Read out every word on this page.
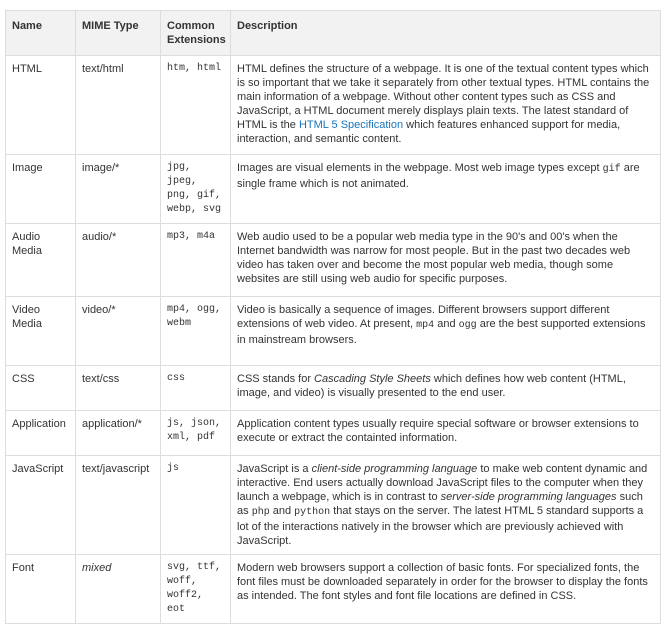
Name	MIME Type	Common Extensions	Description
HTML	text/html	htm, html	HTML defines the structure of a webpage. It is one of the textual content types which is so important that we take it separately from other textual types. HTML contains the main information of a webpage. Without other content types such as CSS and JavaScript, a HTML document merely displays plain texts. The latest standard of HTML is the HTML 5 Specification which features enhanced support for media, interaction, and semantic content.
Image	image/*	jpg, jpeg, png, gif, webp, svg	Images are visual elements in the webpage. Most web image types except gif are single frame which is not animated.
Audio Media	audio/*	mp3, m4a	Web audio used to be a popular web media type in the 90's and 00's when the Internet bandwidth was narrow for most people. But in the past two decades web video has taken over and become the most popular web media, though some websites are still using web audio for specific purposes.
Video Media	video/*	mp4, ogg, webm	Video is basically a sequence of images. Different browsers support different extensions of web video. At present, mp4 and ogg are the best supported extensions in mainstream browsers.
CSS	text/css	css	CSS stands for Cascading Style Sheets which defines how web content (HTML, image, and video) is visually presented to the end user.
Application	application/*	js, json, xml, pdf	Application content types usually require special software or browser extensions to execute or extract the containted information.
JavaScript	text/javascript	js	JavaScript is a client-side programming language to make web content dynamic and interactive. End users actually download JavaScript files to the computer when they launch a webpage, which is in contrast to server-side programming languages such as php and python that stays on the server. The latest HTML 5 standard supports a lot of the interactions natively in the browser which are previously achieved with JavaScript.
Font	mixed	svg, ttf, woff, woff2, eot	Modern web browsers support a collection of basic fonts. For specialized fonts, the font files must be downloaded separately in order for the browser to display the fonts as intended. The font styles and font file locations are defined in CSS.
